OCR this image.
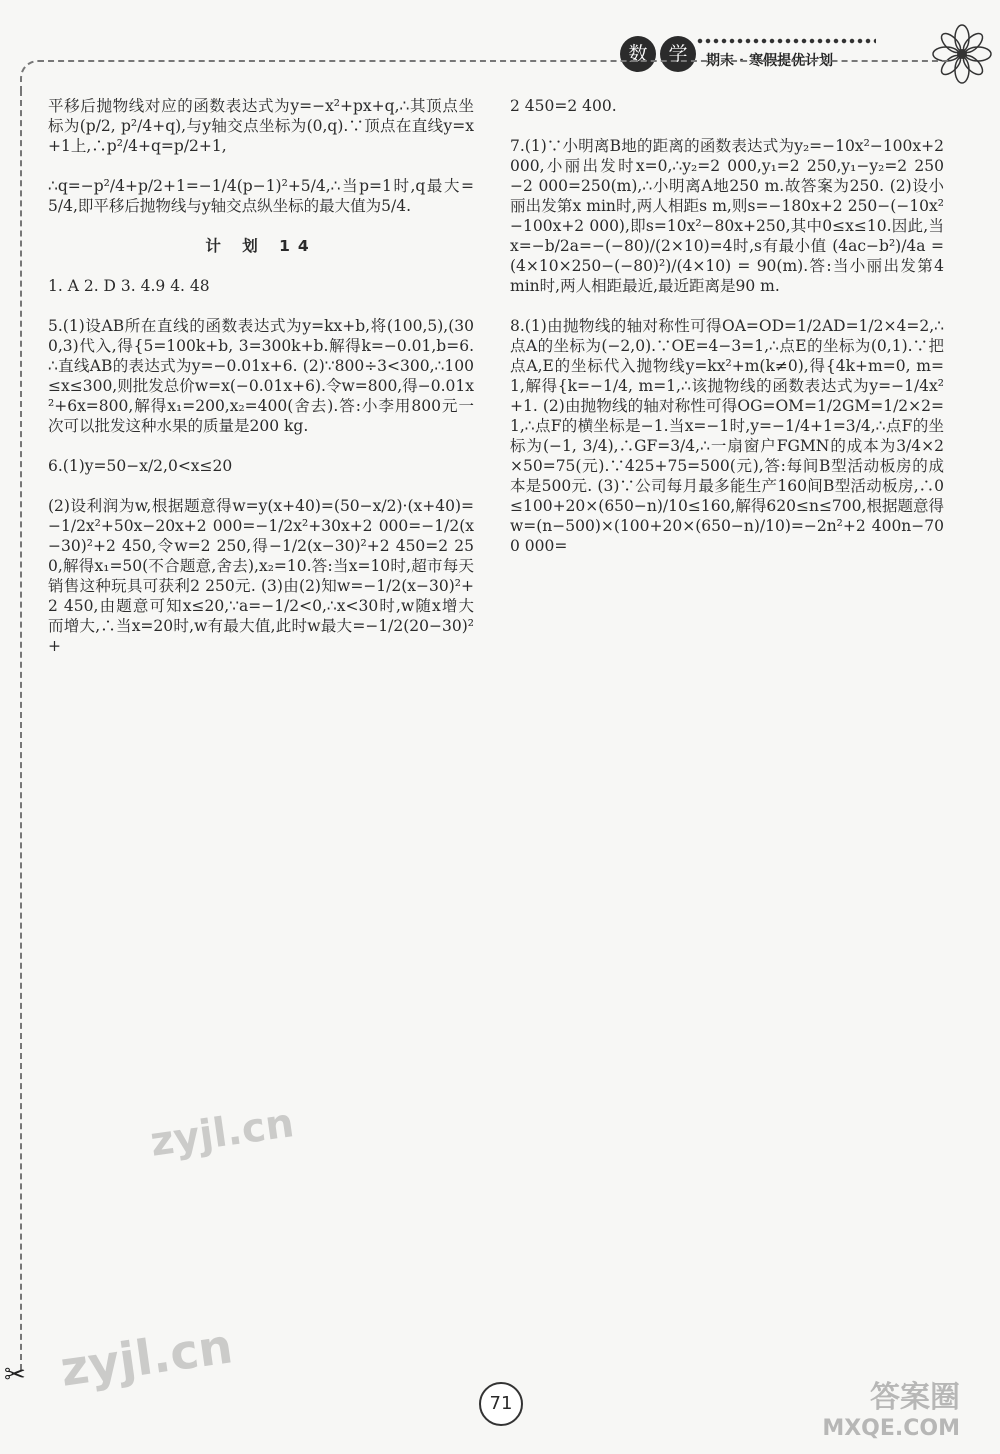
数	学	期末 · 寒假提优计划
✂

平移后抛物线对应的函数表达式为y=−x²+px+q,∴其顶点坐标为(p/2, p²/4+q),与y轴交点坐标为(0,q).∵顶点在直线y=x+1上,∴p²/4+q=p/2+1,

∴q=−p²/4+p/2+1=−1/4(p−1)²+5/4,∴当p=1时,q最大=5/4,即平移后抛物线与y轴交点纵坐标的最大值为5/4.

计 划 14

1. A 2. D 3. 4.9 4. 48

5.(1)设AB所在直线的函数表达式为y=kx+b,将(100,5),(300,3)代入,得{5=100k+b, 3=300k+b.解得k=−0.01,b=6.∴直线AB的表达式为y=−0.01x+6. (2)∵800÷3<300,∴100≤x≤300,则批发总价w=x(−0.01x+6).令w=800,得−0.01x²+6x=800,解得x₁=200,x₂=400(舍去).答:小李用800元一次可以批发这种水果的质量是200 kg.

6.(1)y=50−x/2,0<x≤20

(2)设利润为w,根据题意得w=y(x+40)=(50−x/2)·(x+40)=−1/2x²+50x−20x+2 000=−1/2x²+30x+2 000=−1/2(x−30)²+2 450,令w=2 250,得−1/2(x−30)²+2 450=2 250,解得x₁=50(不合题意,舍去),x₂=10.答:当x=10时,超市每天销售这种玩具可获利2 250元. (3)由(2)知w=−1/2(x−30)²+2 450,由题意可知x≤20,∵a=−1/2<0,∴x<30时,w随x增大而增大,∴当x=20时,w有最大值,此时w最大=−1/2(20−30)²+

2 450=2 400.

7.(1)∵小明离B地的距离的函数表达式为y₂=−10x²−100x+2 000,小丽出发时x=0,∴y₂=2 000,y₁=2 250,y₁−y₂=2 250−2 000=250(m),∴小明离A地250 m.故答案为250. (2)设小丽出发第x min时,两人相距s m,则s=−180x+2 250−(−10x²−100x+2 000),即s=10x²−80x+250,其中0≤x≤10.因此,当x=−b/2a=−(−80)/(2×10)=4时,s有最小值 (4ac−b²)/4a = (4×10×250−(−80)²)/(4×10) = 90(m).答:当小丽出发第4 min时,两人相距最近,最近距离是90 m.

8.(1)由抛物线的轴对称性可得OA=OD=1/2AD=1/2×4=2,∴点A的坐标为(−2,0).∵OE=4−3=1,∴点E的坐标为(0,1).∵把点A,E的坐标代入抛物线y=kx²+m(k≠0),得{4k+m=0, m=1,解得{k=−1/4, m=1,∴该抛物线的函数表达式为y=−1/4x²+1. (2)由抛物线的轴对称性可得OG=OM=1/2GM=1/2×2=1,∴点F的横坐标是−1.当x=−1时,y=−1/4+1=3/4,∴点F的坐标为(−1, 3/4),∴GF=3/4,∴一扇窗户FGMN的成本为3/4×2×50=75(元).∵425+75=500(元),答:每间B型活动板房的成本是500元. (3)∵公司每月最多能生产160间B型活动板房,∴0≤100+20×(650−n)/10≤160,解得620≤n≤700,根据题意得w=(n−500)×(100+20×(650−n)/10)=−2n²+2 400n−700 000=

zyjl.cn
zyjl.cn
答案圈
MXQE.COM
71
